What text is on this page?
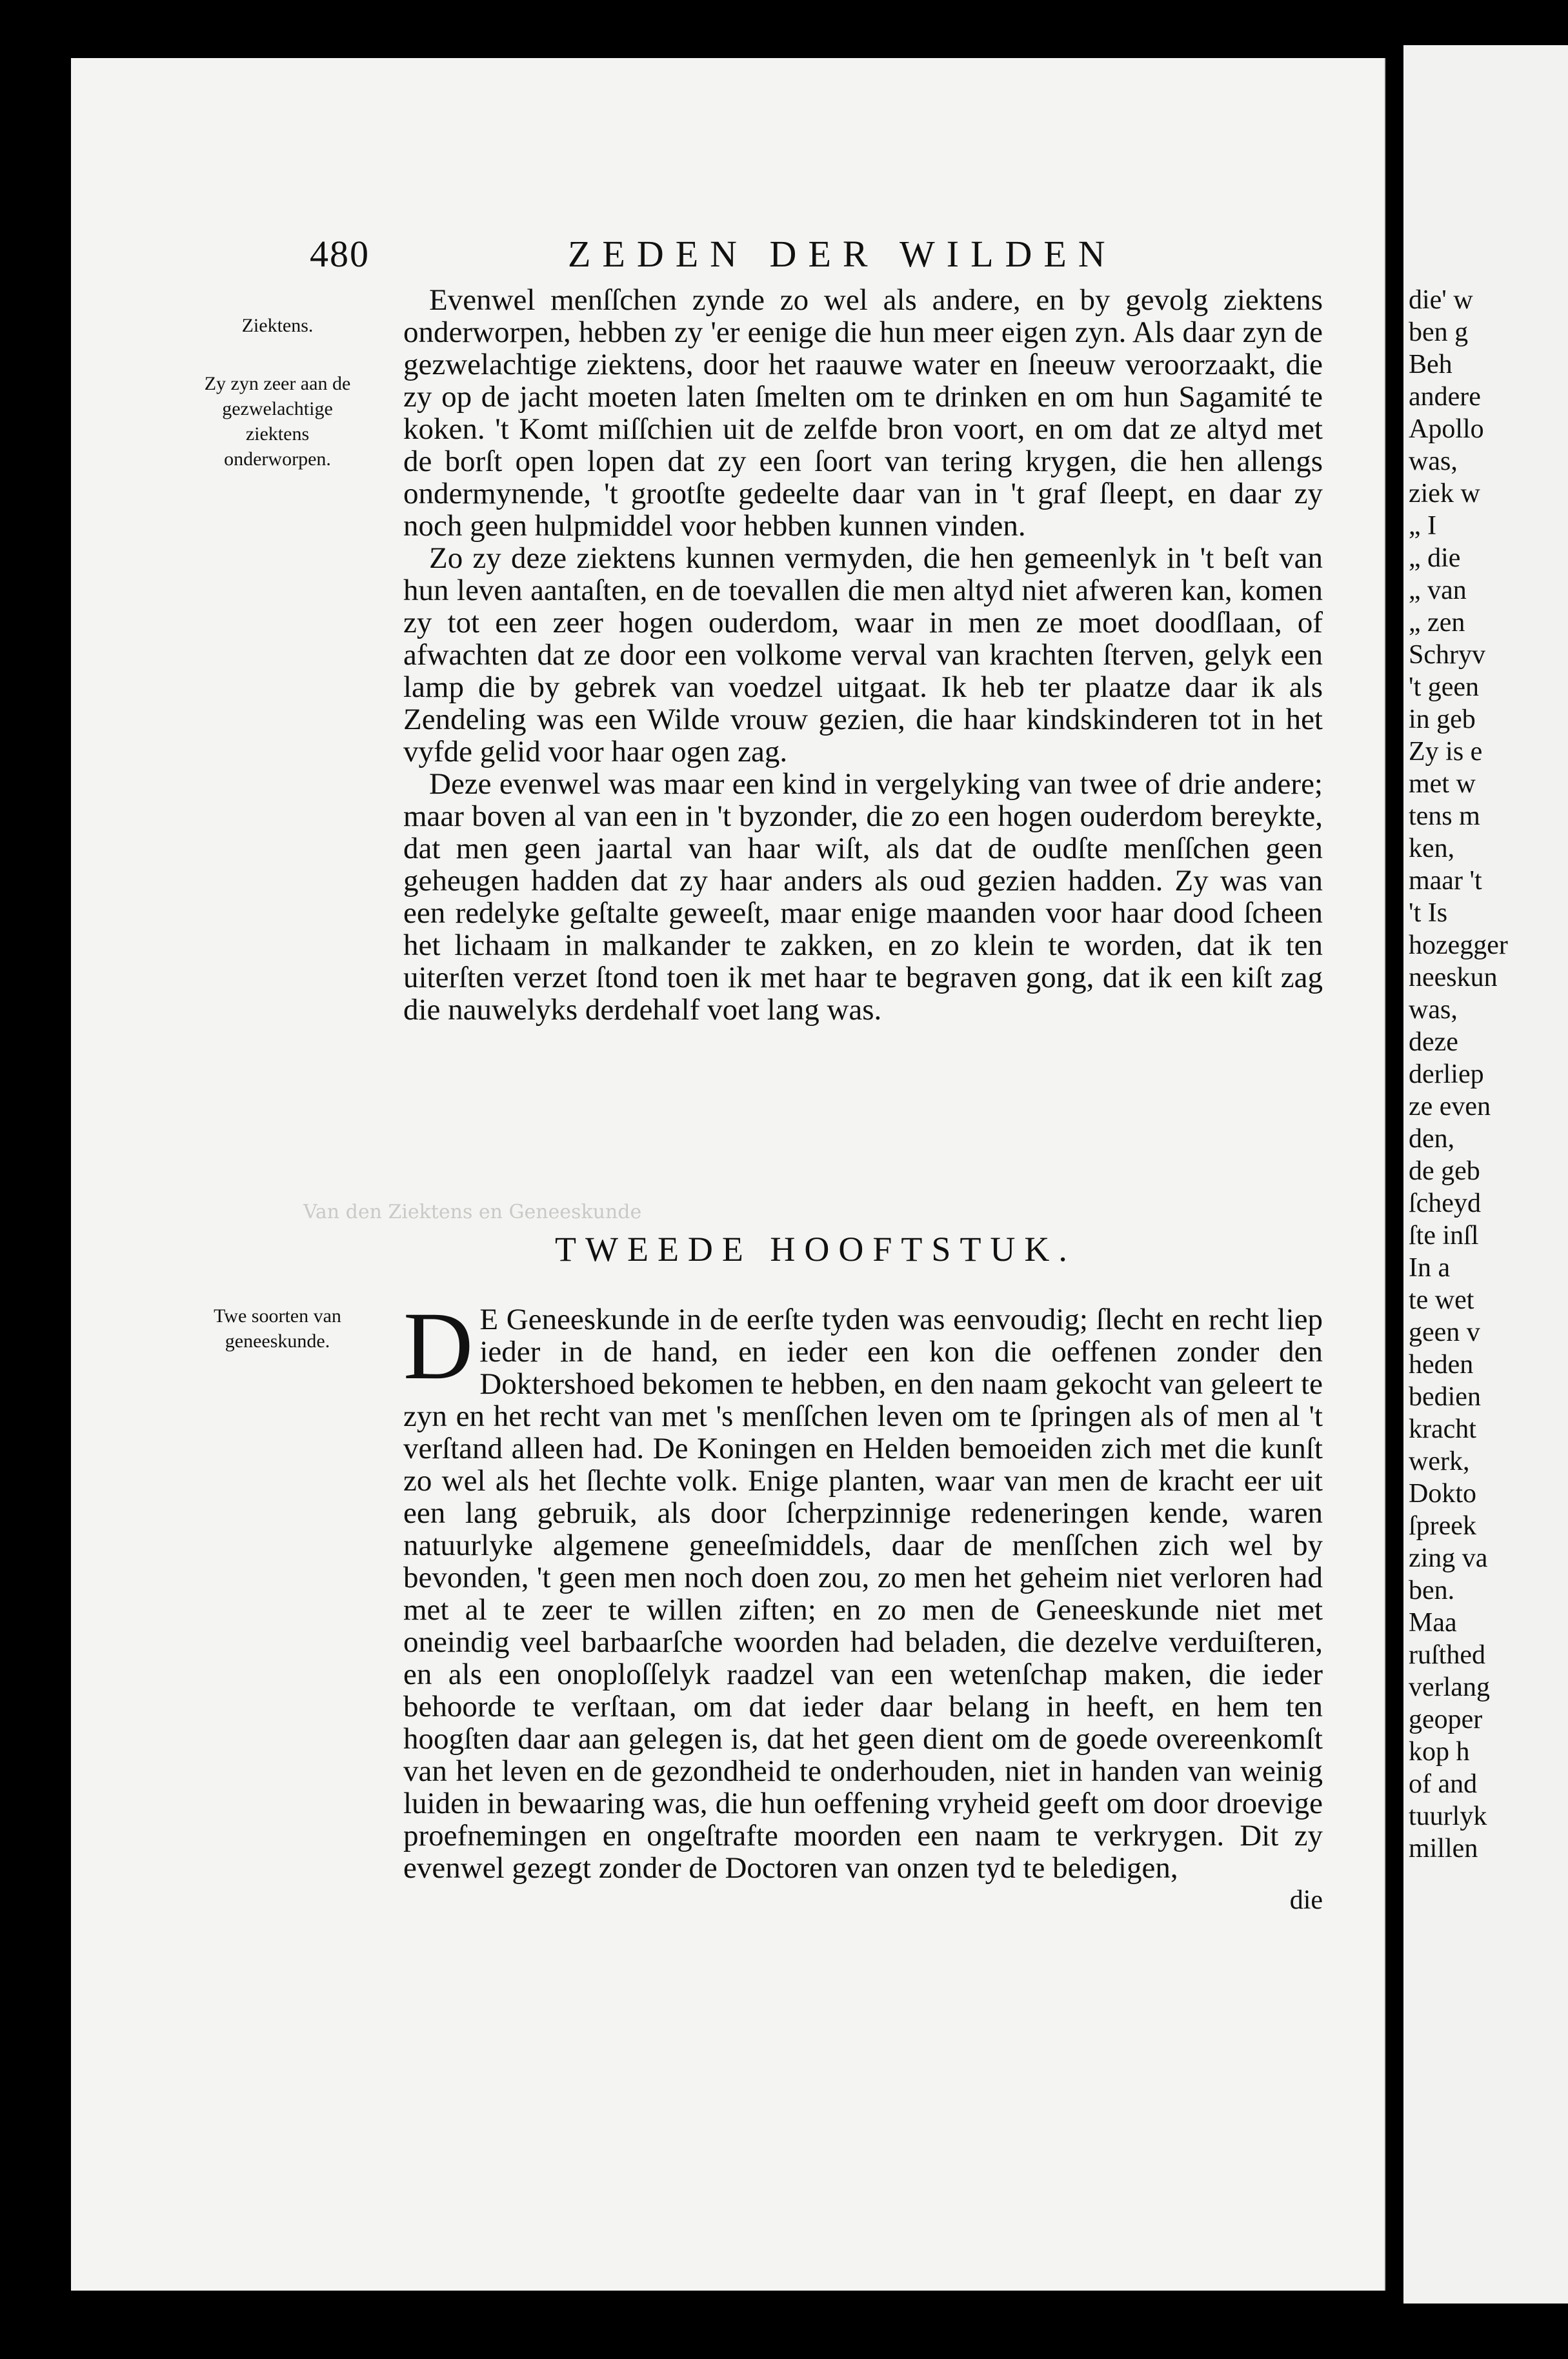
480	ZEDEN DER WILDEN
Ziektens.
Zy zyn zeer aan de gezwelachtige ziektens onderworpen.
Twe soorten van geneeskunde.
Van den Ziektens en Geneeskunde

Evenwel menſſchen zynde zo wel als andere, en by gevolg ziektens onderworpen, hebben zy 'er eenige die hun meer eigen zyn. Als daar zyn de gezwelachtige ziektens, door het raauwe water en ſneeuw veroorzaakt, die zy op de jacht moeten laten ſmelten om te drinken en om hun Sagamité te koken. 't Komt miſſchien uit de zelfde bron voort, en om dat ze altyd met de borſt open lopen dat zy een ſoort van tering krygen, die hen allengs ondermynende, 't grootſte gedeelte daar van in 't graf ſleept, en daar zy noch geen hulpmiddel voor hebben kunnen vinden.

Zo zy deze ziektens kunnen vermyden, die hen gemeenlyk in 't beſt van hun leven aantaſten, en de toevallen die men altyd niet afweren kan, komen zy tot een zeer hogen ouderdom, waar in men ze moet doodſlaan, of afwachten dat ze door een volkome verval van krachten ſterven, gelyk een lamp die by gebrek van voedzel uitgaat. Ik heb ter plaatze daar ik als Zendeling was een Wilde vrouw gezien, die haar kindskinderen tot in het vyfde gelid voor haar ogen zag.

Deze evenwel was maar een kind in vergelyking van twee of drie andere; maar boven al van een in 't byzonder, die zo een hogen ouderdom bereykte, dat men geen jaartal van haar wiſt, als dat de oudſte menſſchen geen geheugen hadden dat zy haar anders als oud gezien hadden. Zy was van een redelyke geſtalte geweeſt, maar enige maanden voor haar dood ſcheen het lichaam in malkander te zakken, en zo klein te worden, dat ik ten uiterſten verzet ſtond toen ik met haar te begraven gong, dat ik een kiſt zag die nauwelyks derdehalf voet lang was.

TWEEDE HOOFTSTUK.
D E Geneeskunde in de eerſte tyden was eenvoudig; ſlecht en recht liep ieder in de hand, en ieder een kon die oeffenen zonder den Doktershoed bekomen te hebben, en den naam gekocht van geleert te zyn en het recht van met 's menſſchen leven om te ſpringen als of men al 't verſtand alleen had. De Koningen en Helden bemoeiden zich met die kunſt zo wel als het ſlechte volk. Enige planten, waar van men de kracht eer uit een lang gebruik, als door ſcherpzinnige redeneringen kende, waren natuurlyke algemene geneeſmiddels, daar de menſſchen zich wel by bevonden, 't geen men noch doen zou, zo men het geheim niet verloren had met al te zeer te willen ziften; en zo men de Geneeskunde niet met oneindig veel barbaarſche woorden had beladen, die dezelve verduiſteren, en als een onoploſſelyk raadzel van een wetenſchap maken, die ieder behoorde te verſtaan, om dat ieder daar belang in heeft, en hem ten hoogſten daar aan gelegen is, dat het geen dient om de goede overeenkomſt van het leven en de gezondheid te onderhouden, niet in handen van weinig luiden in bewaaring was, die hun oeffening vryheid geeft om door droevige proefnemingen en ongeſtrafte moorden een naam te verkrygen. Dit zy evenwel gezegt zonder de Doctoren van onzen tyd te beledigen,
die
die' w
ben g
Beh
andere
Apollo
was,
ziek w
„ I
„ die
„ van
„ zen
Schryv
't geen
in geb
Zy is e
met w
tens m
ken,
maar 't
't Is
hozegger
neeskun
was,
deze
derliep
ze even
den,
de geb
ſcheyd
ſte inſl
In a
te wet
geen v
heden
bedien
kracht
werk,
Dokto
ſpreek
zing va
ben.
Maa
ruſthed
verlang
geoper
kop h
of and
tuurlyk
millen
